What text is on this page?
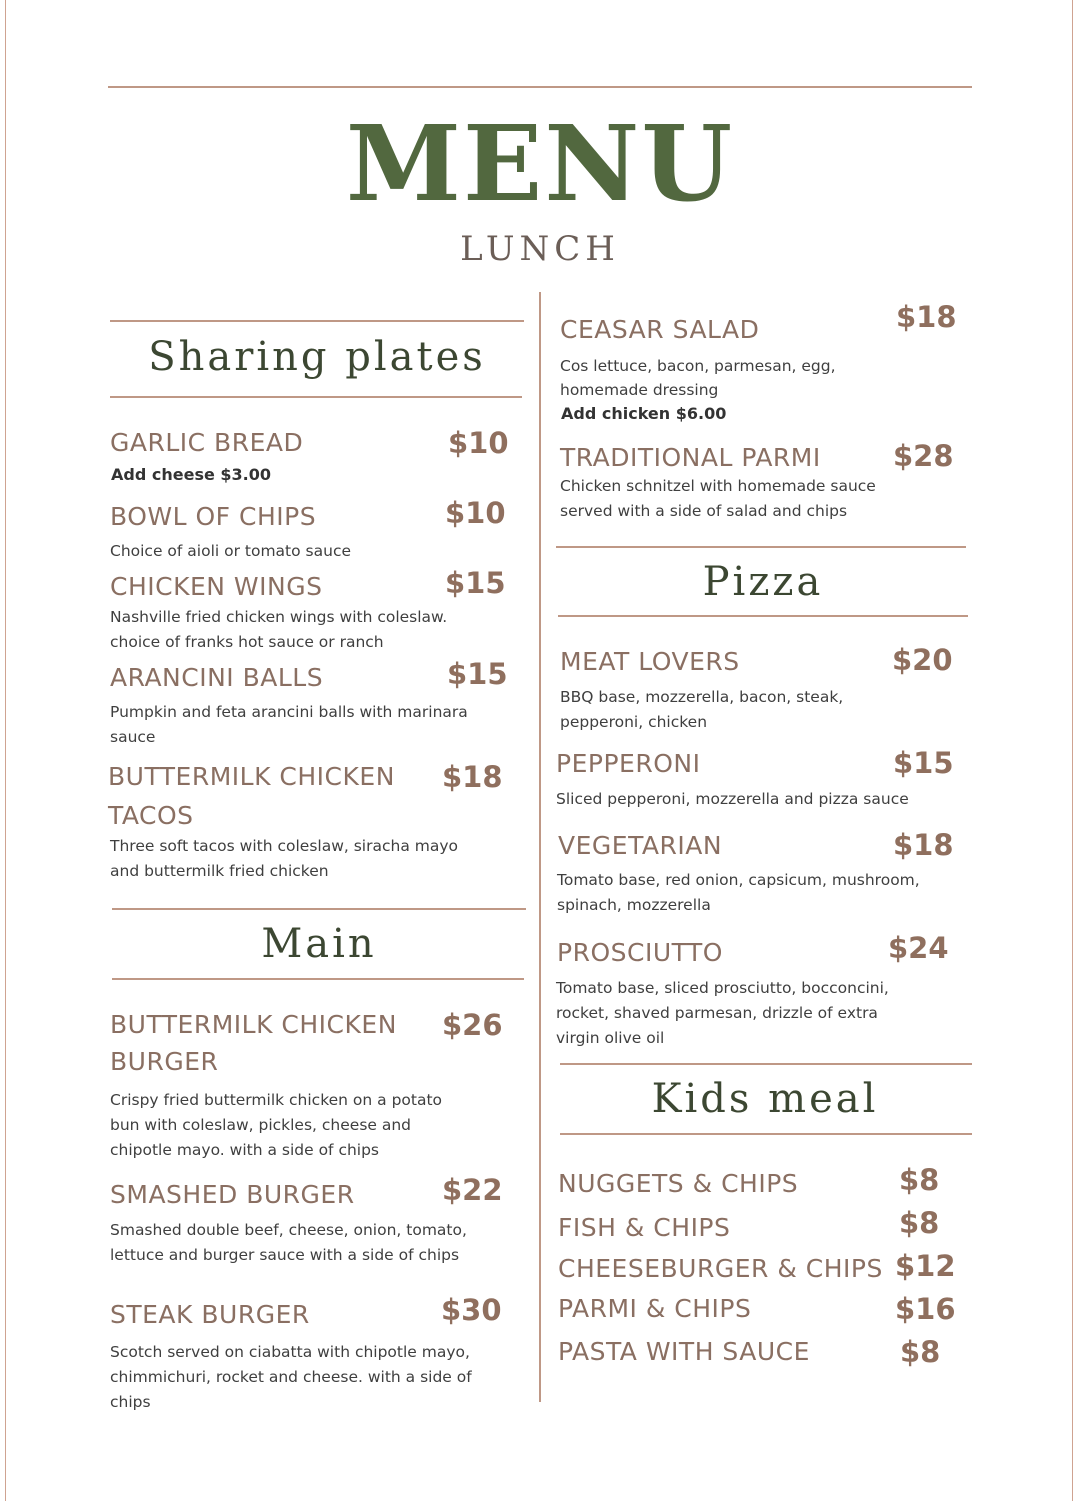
MENU
LUNCH
Sharing plates
GARLIC BREAD	$10
Add cheese $3.00
BOWL OF CHIPS	$10
Choice of aioli or tomato sauce
CHICKEN WINGS	$15
Nashville fried chicken wings with coleslaw.
choice of franks hot sauce or ranch
ARANCINI BALLS	$15
Pumpkin and feta arancini balls with marinara
sauce
BUTTERMILK CHICKEN
TACOS
$18
Three soft tacos with coleslaw, siracha mayo
and buttermilk fried chicken
Main
BUTTERMILK CHICKEN
BURGER
$26
Crispy fried buttermilk chicken on a potato
bun with coleslaw, pickles, cheese and
chipotle mayo. with a side of chips
SMASHED BURGER	$22
Smashed double beef, cheese, onion, tomato,
lettuce and burger sauce with a side of chips
STEAK BURGER	$30
Scotch served on ciabatta with chipotle mayo,
chimmichuri, rocket and cheese. with a side of
chips
CEASAR SALAD	$18
Cos lettuce, bacon, parmesan, egg,
homemade dressing
Add chicken $6.00
TRADITIONAL PARMI $28
Chicken schnitzel with homemade sauce
served with a side of salad and chips
Pizza
MEAT LOVERS	$20
BBQ base, mozzerella, bacon, steak,
pepperoni, chicken
PEPPERONI	$15
Sliced pepperoni, mozzerella and pizza sauce
VEGETARIAN	$18
Tomato base, red onion, capsicum, mushroom,
spinach, mozzerella
PROSCIUTTO	$24
Tomato base, sliced prosciutto, bocconcini,
rocket, shaved parmesan, drizzle of extra
virgin olive oil
Kids meal
NUGGETS & CHIPS	$8
FISH & CHIPS	$8
CHEESEBURGER & CHIPS $12
PARMI & CHIPS	$16
PASTA WITH SAUCE	$8
